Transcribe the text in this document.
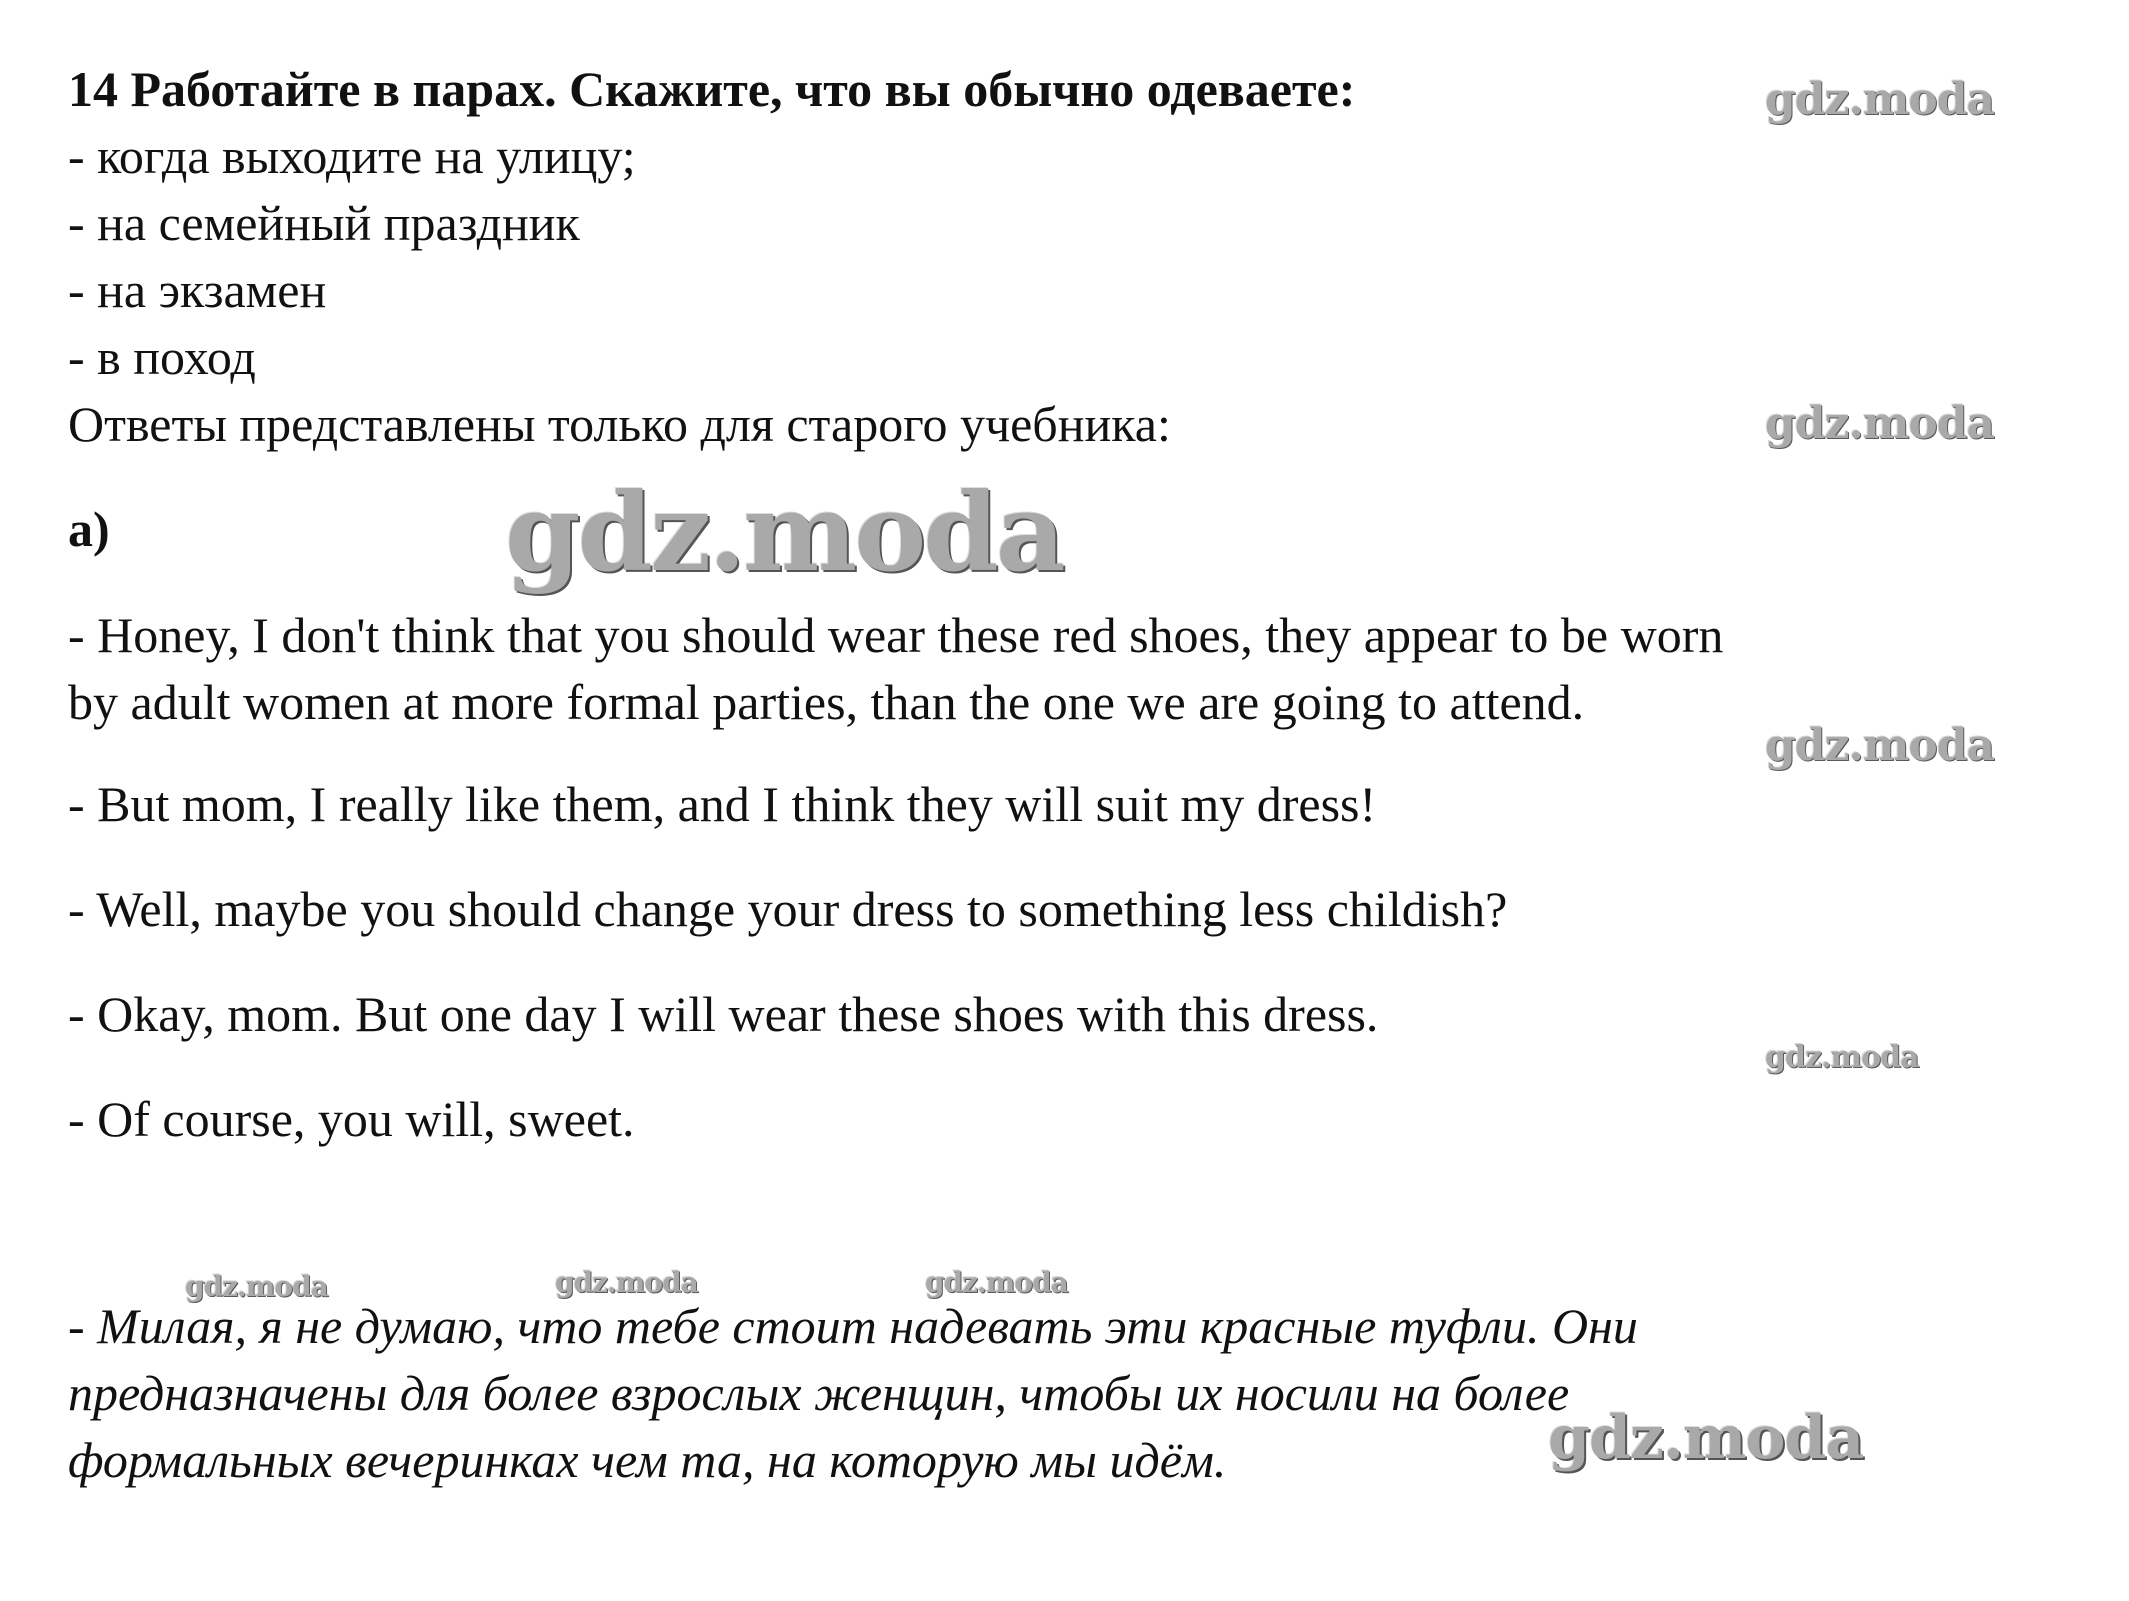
14 Работайте в парах. Скажите, что вы обычно одеваете:
- когда выходите на улицу;
- на семейный праздник
- на экзамен
- в поход
Ответы представлены только для старого учебника:
a)
- Honey, I don't think that you should wear these red shoes, they appear to be worn
by adult women at more formal parties, than the one we are going to attend.
- But mom, I really like them, and I think they will suit my dress!
- Well, maybe you should change your dress to something less childish?
- Okay, mom. But one day I will wear these shoes with this dress.
- Of course, you will, sweet.
- Милая, я не думаю, что тебе стоит надевать эти красные туфли. Они
предназначены для более взрослых женщин, чтобы их носили на более
формальных вечеринках чем та, на которую мы идём.
gdz.moda
gdz.moda
gdz.moda
gdz.moda
gdz.moda
gdz.moda	gdz.moda	gdz.moda
gdz.moda
